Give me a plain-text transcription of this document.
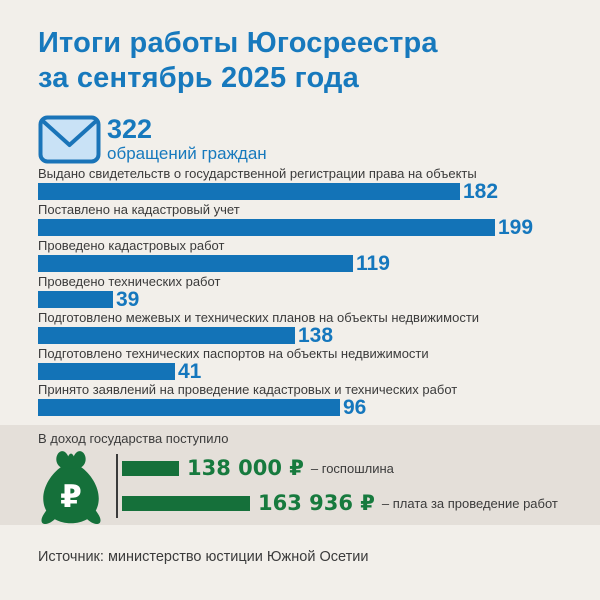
Итоги работы Югосреестра
за сентябрь 2025 года
322
обращений граждан
Выдано свидетельств о государственной регистрации права на объекты
182
Поставлено на кадастровый учет
199
Проведено кадастровых работ
119
Проведено технических работ
39
Подготовлено межевых и технических планов на объекты недвижимости
138
Подготовлено технических паспортов на объекты недвижимости
41
Принято заявлений на проведение кадастровых и технических работ
96
В доход государства поступило
₽
138 000 ₽ – госпошлина
163 936 ₽ – плата за проведение работ
Источник: министерство юстиции Южной Осетии
